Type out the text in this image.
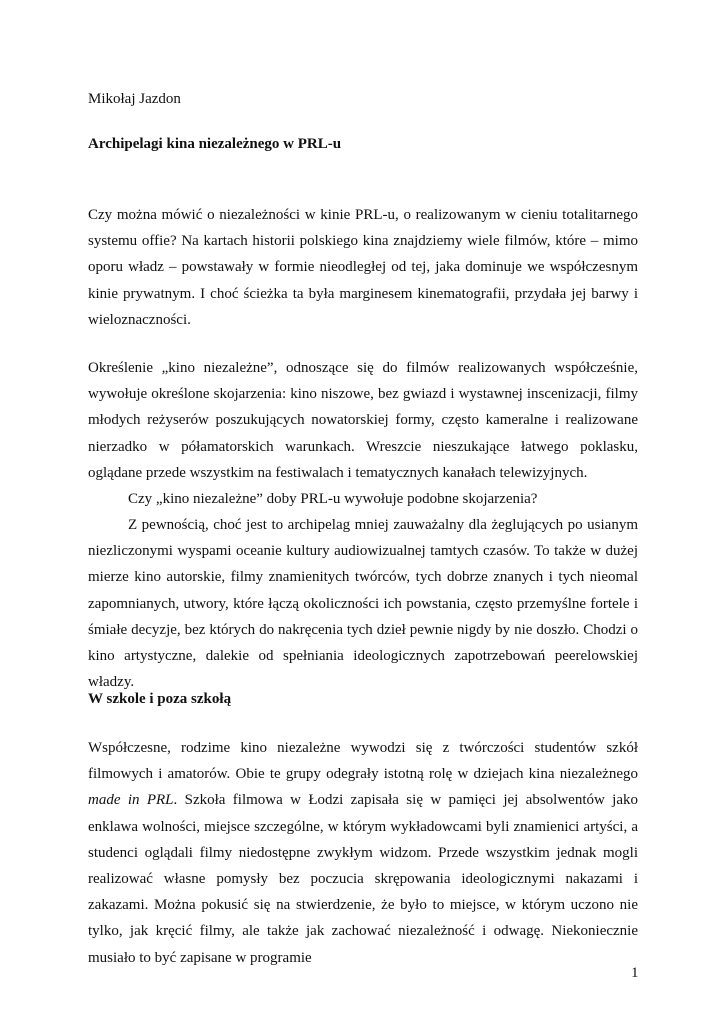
Mikołaj Jazdon
Archipelagi kina niezależnego w PRL-u

Czy można mówić o niezależności w kinie PRL-u, o realizowanym w cieniu totalitarnego systemu offie? Na kartach historii polskiego kina znajdziemy wiele filmów, które – mimo oporu władz – powstawały w formie nieodległej od tej, jaka dominuje we współczesnym kinie prywatnym. I choć ścieżka ta była marginesem kinematografii, przydała jej barwy i wieloznaczności.

Określenie „kino niezależne”, odnoszące się do filmów realizowanych współcześnie, wywołuje określone skojarzenia: kino niszowe, bez gwiazd i wystawnej inscenizacji, filmy młodych reżyserów poszukujących nowatorskiej formy, często kameralne i realizowane nierzadko w półamatorskich warunkach. Wreszcie nieszukające łatwego poklasku, oglądane przede wszystkim na festiwalach i tematycznych kanałach telewizyjnych.

Czy „kino niezależne” doby PRL-u wywołuje podobne skojarzenia?

Z pewnością, choć jest to archipelag mniej zauważalny dla żeglujących po usianym niezliczonymi wyspami oceanie kultury audiowizualnej tamtych czasów. To także w dużej mierze kino autorskie, filmy znamienitych twórców, tych dobrze znanych i tych nieomal zapomnianych, utwory, które łączą okoliczności ich powstania, często przemyślne fortele i śmiałe decyzje, bez których do nakręcenia tych dzieł pewnie nigdy by nie doszło. Chodzi o kino artystyczne, dalekie od spełniania ideologicznych zapotrzebowań peerelowskiej władzy.

W szkole i poza szkołą

Współczesne, rodzime kino niezależne wywodzi się z twórczości studentów szkół filmowych i amatorów. Obie te grupy odegrały istotną rolę w dziejach kina niezależnego made in PRL. Szkoła filmowa w Łodzi zapisała się w pamięci jej absolwentów jako enklawa wolności, miejsce szczególne, w którym wykładowcami byli znamienici artyści, a studenci oglądali filmy niedostępne zwykłym widzom. Przede wszystkim jednak mogli realizować własne pomysły bez poczucia skrępowania ideologicznymi nakazami i zakazami. Można pokusić się na stwierdzenie, że było to miejsce, w którym uczono nie tylko, jak kręcić filmy, ale także jak zachować niezależność i odwagę. Niekoniecznie musiało to być zapisane w programie

1
